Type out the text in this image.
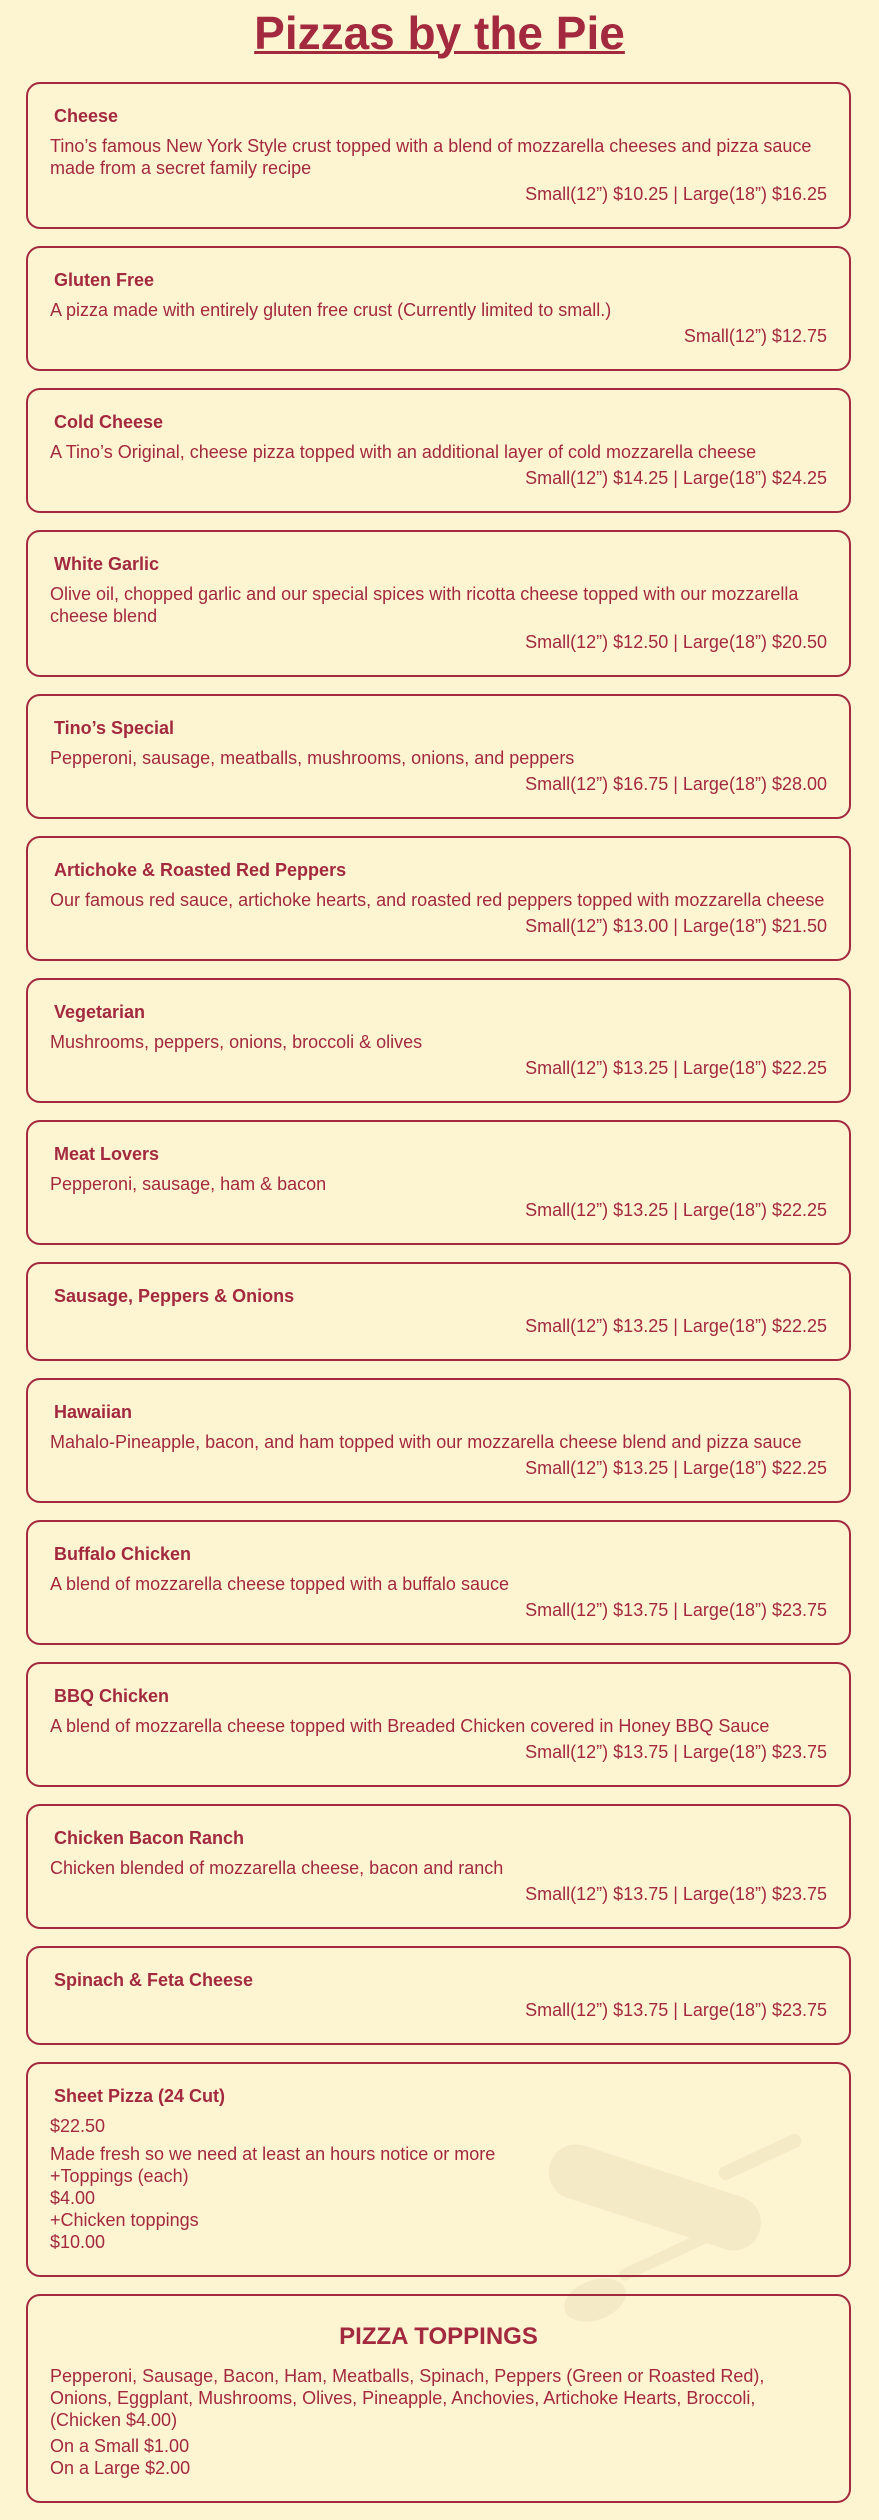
Pizzas by the Pie
Cheese

Tino’s famous New York Style crust topped with a blend of mozzarella cheeses and pizza sauce made from a secret family recipe

Small(12”) $10.25 | Large(18”) $16.25
Gluten Free

A pizza made with entirely gluten free crust (Currently limited to small.)

Small(12”) $12.75
Cold Cheese

A Tino’s Original, cheese pizza topped with an additional layer of cold mozzarella cheese

Small(12”) $14.25 | Large(18”) $24.25
White Garlic

Olive oil, chopped garlic and our special spices with ricotta cheese topped with our mozzarella cheese blend

Small(12”) $12.50 | Large(18”) $20.50
Tino’s Special

Pepperoni, sausage, meatballs, mushrooms, onions, and peppers

Small(12”) $16.75 | Large(18”) $28.00
Artichoke & Roasted Red Peppers

Our famous red sauce, artichoke hearts, and roasted red peppers topped with mozzarella cheese

Small(12”) $13.00 | Large(18”) $21.50
Vegetarian

Mushrooms, peppers, onions, broccoli & olives

Small(12”) $13.25 | Large(18”) $22.25
Meat Lovers

Pepperoni, sausage, ham & bacon

Small(12”) $13.25 | Large(18”) $22.25
Sausage, Peppers & Onions
Small(12”) $13.25 | Large(18”) $22.25
Hawaiian

Mahalo-Pineapple, bacon, and ham topped with our mozzarella cheese blend and pizza sauce

Small(12”) $13.25 | Large(18”) $22.25
Buffalo Chicken

A blend of mozzarella cheese topped with a buffalo sauce

Small(12”) $13.75 | Large(18”) $23.75
BBQ Chicken

A blend of mozzarella cheese topped with Breaded Chicken covered in Honey BBQ Sauce

Small(12”) $13.75 | Large(18”) $23.75
Chicken Bacon Ranch

Chicken blended of mozzarella cheese, bacon and ranch

Small(12”) $13.75 | Large(18”) $23.75
Spinach & Feta Cheese
Small(12”) $13.75 | Large(18”) $23.75
Sheet Pizza (24 Cut)
$22.50
Made fresh so we need at least an hours notice or more
+Toppings (each)
$4.00
+Chicken toppings
$10.00
PIZZA TOPPINGS
Pepperoni, Sausage, Bacon, Ham, Meatballs, Spinach, Peppers (Green or Roasted Red), Onions, Eggplant, Mushrooms, Olives, Pineapple, Anchovies, Artichoke Hearts, Broccoli, (Chicken $4.00)
On a Small $1.00
On a Large $2.00
